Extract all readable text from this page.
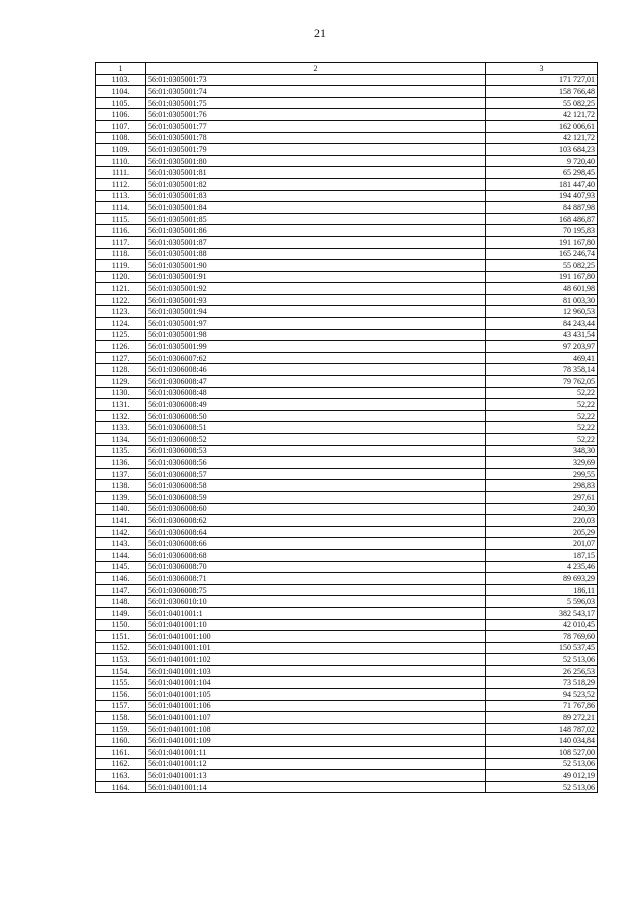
21
1	2	3
1103.	56:01:0305001:73	171 727,01
1104.	56:01:0305001:74	158 766,48
1105.	56:01:0305001:75	55 082,25
1106.	56:01:0305001:76	42 121,72
1107.	56:01:0305001:77	162 006,61
1108.	56:01:0305001:78	42 121,72
1109.	56:01:0305001:79	103 684,23
1110.	56:01:0305001:80	9 720,40
1111.	56:01:0305001:81	65 298,45
1112.	56:01:0305001:82	181 447,40
1113.	56:01:0305001:83	194 407,93
1114.	56:01:0305001:84	84 887,98
1115.	56:01:0305001:85	168 486,87
1116.	56:01:0305001:86	70 195,83
1117.	56:01:0305001:87	191 167,80
1118.	56:01:0305001:88	165 246,74
1119.	56:01:0305001:90	55 082,25
1120.	56:01:0305001:91	191 167,80
1121.	56:01:0305001:92	48 601,98
1122.	56:01:0305001:93	81 003,30
1123.	56:01:0305001:94	12 960,53
1124.	56:01:0305001:97	84 243,44
1125.	56:01:0305001:98	43 431,54
1126.	56:01:0305001:99	97 203,97
1127.	56:01:0306007:62	469,41
1128.	56:01:0306008:46	78 358,14
1129.	56:01:0306008:47	79 762,05
1130.	56:01:0306008:48	52,22
1131.	56:01:0306008:49	52,22
1132.	56:01:0306008:50	52,22
1133.	56:01:0306008:51	52,22
1134.	56:01:0306008:52	52,22
1135.	56:01:0306008:53	348,30
1136.	56:01:0306008:56	329,69
1137.	56:01:0306008:57	299,55
1138.	56:01:0306008:58	298,83
1139.	56:01:0306008:59	297,61
1140.	56:01:0306008:60	240,30
1141.	56:01:0306008:62	220,03
1142.	56:01:0306008:64	205,29
1143.	56:01:0306008:66	201,07
1144.	56:01:0306008:68	187,15
1145.	56:01:0306008:70	4 235,46
1146.	56:01:0306008:71	89 693,29
1147.	56:01:0306008:75	186,11
1148.	56:01:0306010:10	5 596,03
1149.	56:01:0401001:1	382 543,17
1150.	56:01:0401001:10	42 010,45
1151.	56:01:0401001:100	78 769,60
1152.	56:01:0401001:101	150 537,45
1153.	56:01:0401001:102	52 513,06
1154.	56:01:0401001:103	26 256,53
1155.	56:01:0401001:104	73 518,29
1156.	56:01:0401001:105	94 523,52
1157.	56:01:0401001:106	71 767,86
1158.	56:01:0401001:107	89 272,21
1159.	56:01:0401001:108	148 787,02
1160.	56:01:0401001:109	140 034,84
1161.	56:01:0401001:11	108 527,00
1162.	56:01:0401001:12	52 513,06
1163.	56:01:0401001:13	49 012,19
1164.	56:01:0401001:14	52 513,06
